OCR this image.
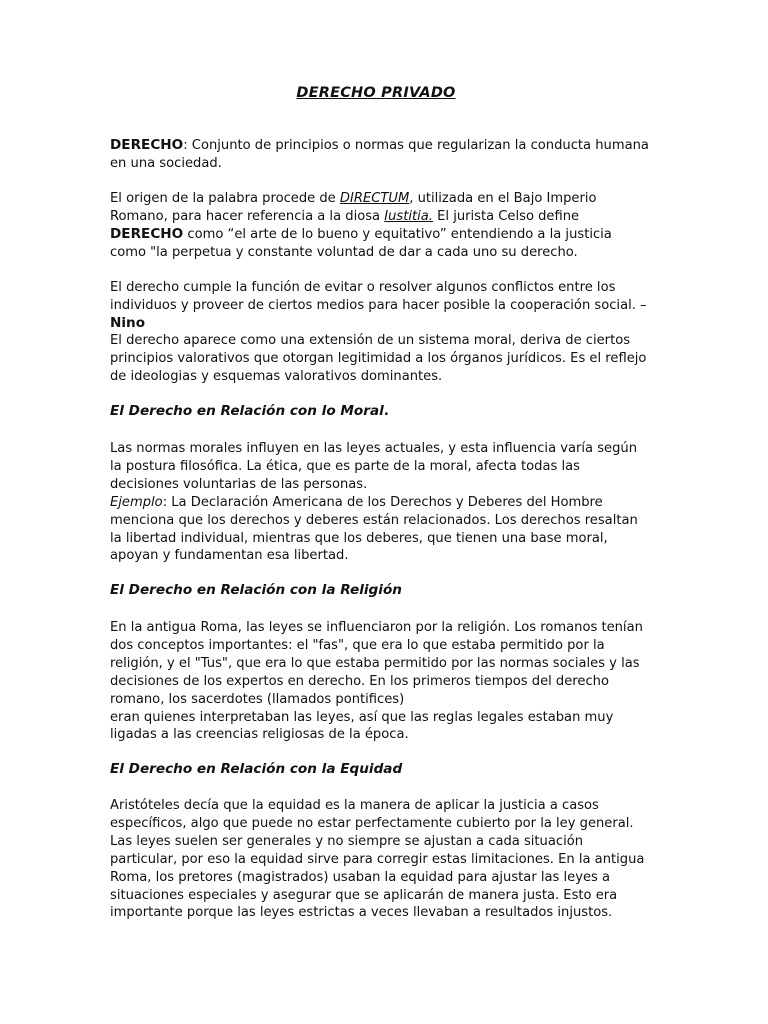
DERECHO PRIVADO

DERECHO: Conjunto de principios o normas que regularizan la conducta humana en una sociedad.

El origen de la palabra procede de DIRECTUM, utilizada en el Bajo Imperio Romano, para hacer referencia a la diosa Iustitia. El jurista Celso define DERECHO como “el arte de lo bueno y equitativo” entendiendo a la justicia como "la perpetua y constante voluntad de dar a cada uno su derecho.

El derecho cumple la función de evitar o resolver algunos conflictos entre los individuos y proveer de ciertos medios para hacer posible la cooperación social. – Nino

El derecho aparece como una extensión de un sistema moral, deriva de ciertos principios valorativos que otorgan legitimidad a los órganos jurídicos. Es el reflejo de ideologias y esquemas valorativos dominantes.

El Derecho en Relación con lo Moral.

Las normas morales influyen en las leyes actuales, y esta influencia varía según la postura filosófica. La ética, que es parte de la moral, afecta todas las decisiones voluntarias de las personas.

Ejemplo: La Declaración Americana de los Derechos y Deberes del Hombre menciona que los derechos y deberes están relacionados. Los derechos resaltan la libertad individual, mientras que los deberes, que tienen una base moral, apoyan y fundamentan esa libertad.

El Derecho en Relación con la Religión

En la antigua Roma, las leyes se influenciaron por la religión. Los romanos tenían dos conceptos importantes: el "fas", que era lo que estaba permitido por la religión, y el "Tus", que era lo que estaba permitido por las normas sociales y las decisiones de los expertos en derecho. En los primeros tiempos del derecho romano, los sacerdotes (llamados pontifices)

eran quienes interpretaban las leyes, así que las reglas legales estaban muy ligadas a las creencias religiosas de la época.

El Derecho en Relación con la Equidad

Aristóteles decía que la equidad es la manera de aplicar la justicia a casos específicos, algo que puede no estar perfectamente cubierto por la ley general. Las leyes suelen ser generales y no siempre se ajustan a cada situación particular, por eso la equidad sirve para corregir estas limitaciones. En la antigua Roma, los pretores (magistrados) usaban la equidad para ajustar las leyes a situaciones especiales y asegurar que se aplicarán de manera justa. Esto era importante porque las leyes estrictas a veces llevaban a resultados injustos.
